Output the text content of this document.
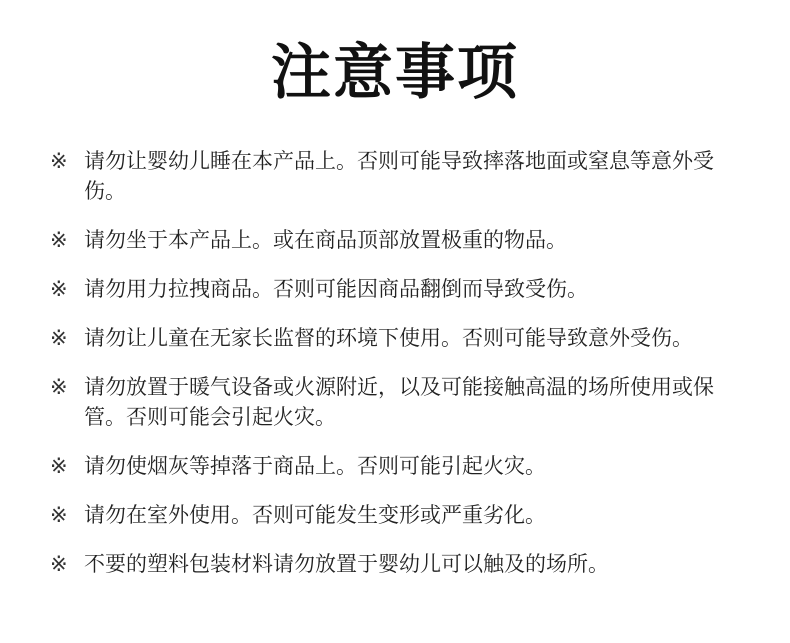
注意事项
※ 请勿让婴幼儿睡在本产品上。否则可能导致摔落地面或窒息等意外受伤。
※ 请勿坐于本产品上。或在商品顶部放置极重的物品。
※ 请勿用力拉拽商品。否则可能因商品翻倒而导致受伤。
※ 请勿让儿童在无家长监督的环境下使用。否则可能导致意外受伤。
※ 请勿放置于暖气设备或火源附近，以及可能接触高温的场所使用或保管。否则可能会引起火灾。
※ 请勿使烟灰等掉落于商品上。否则可能引起火灾。
※ 请勿在室外使用。否则可能发生变形或严重劣化。
※ 不要的塑料包装材料请勿放置于婴幼儿可以触及的场所。
